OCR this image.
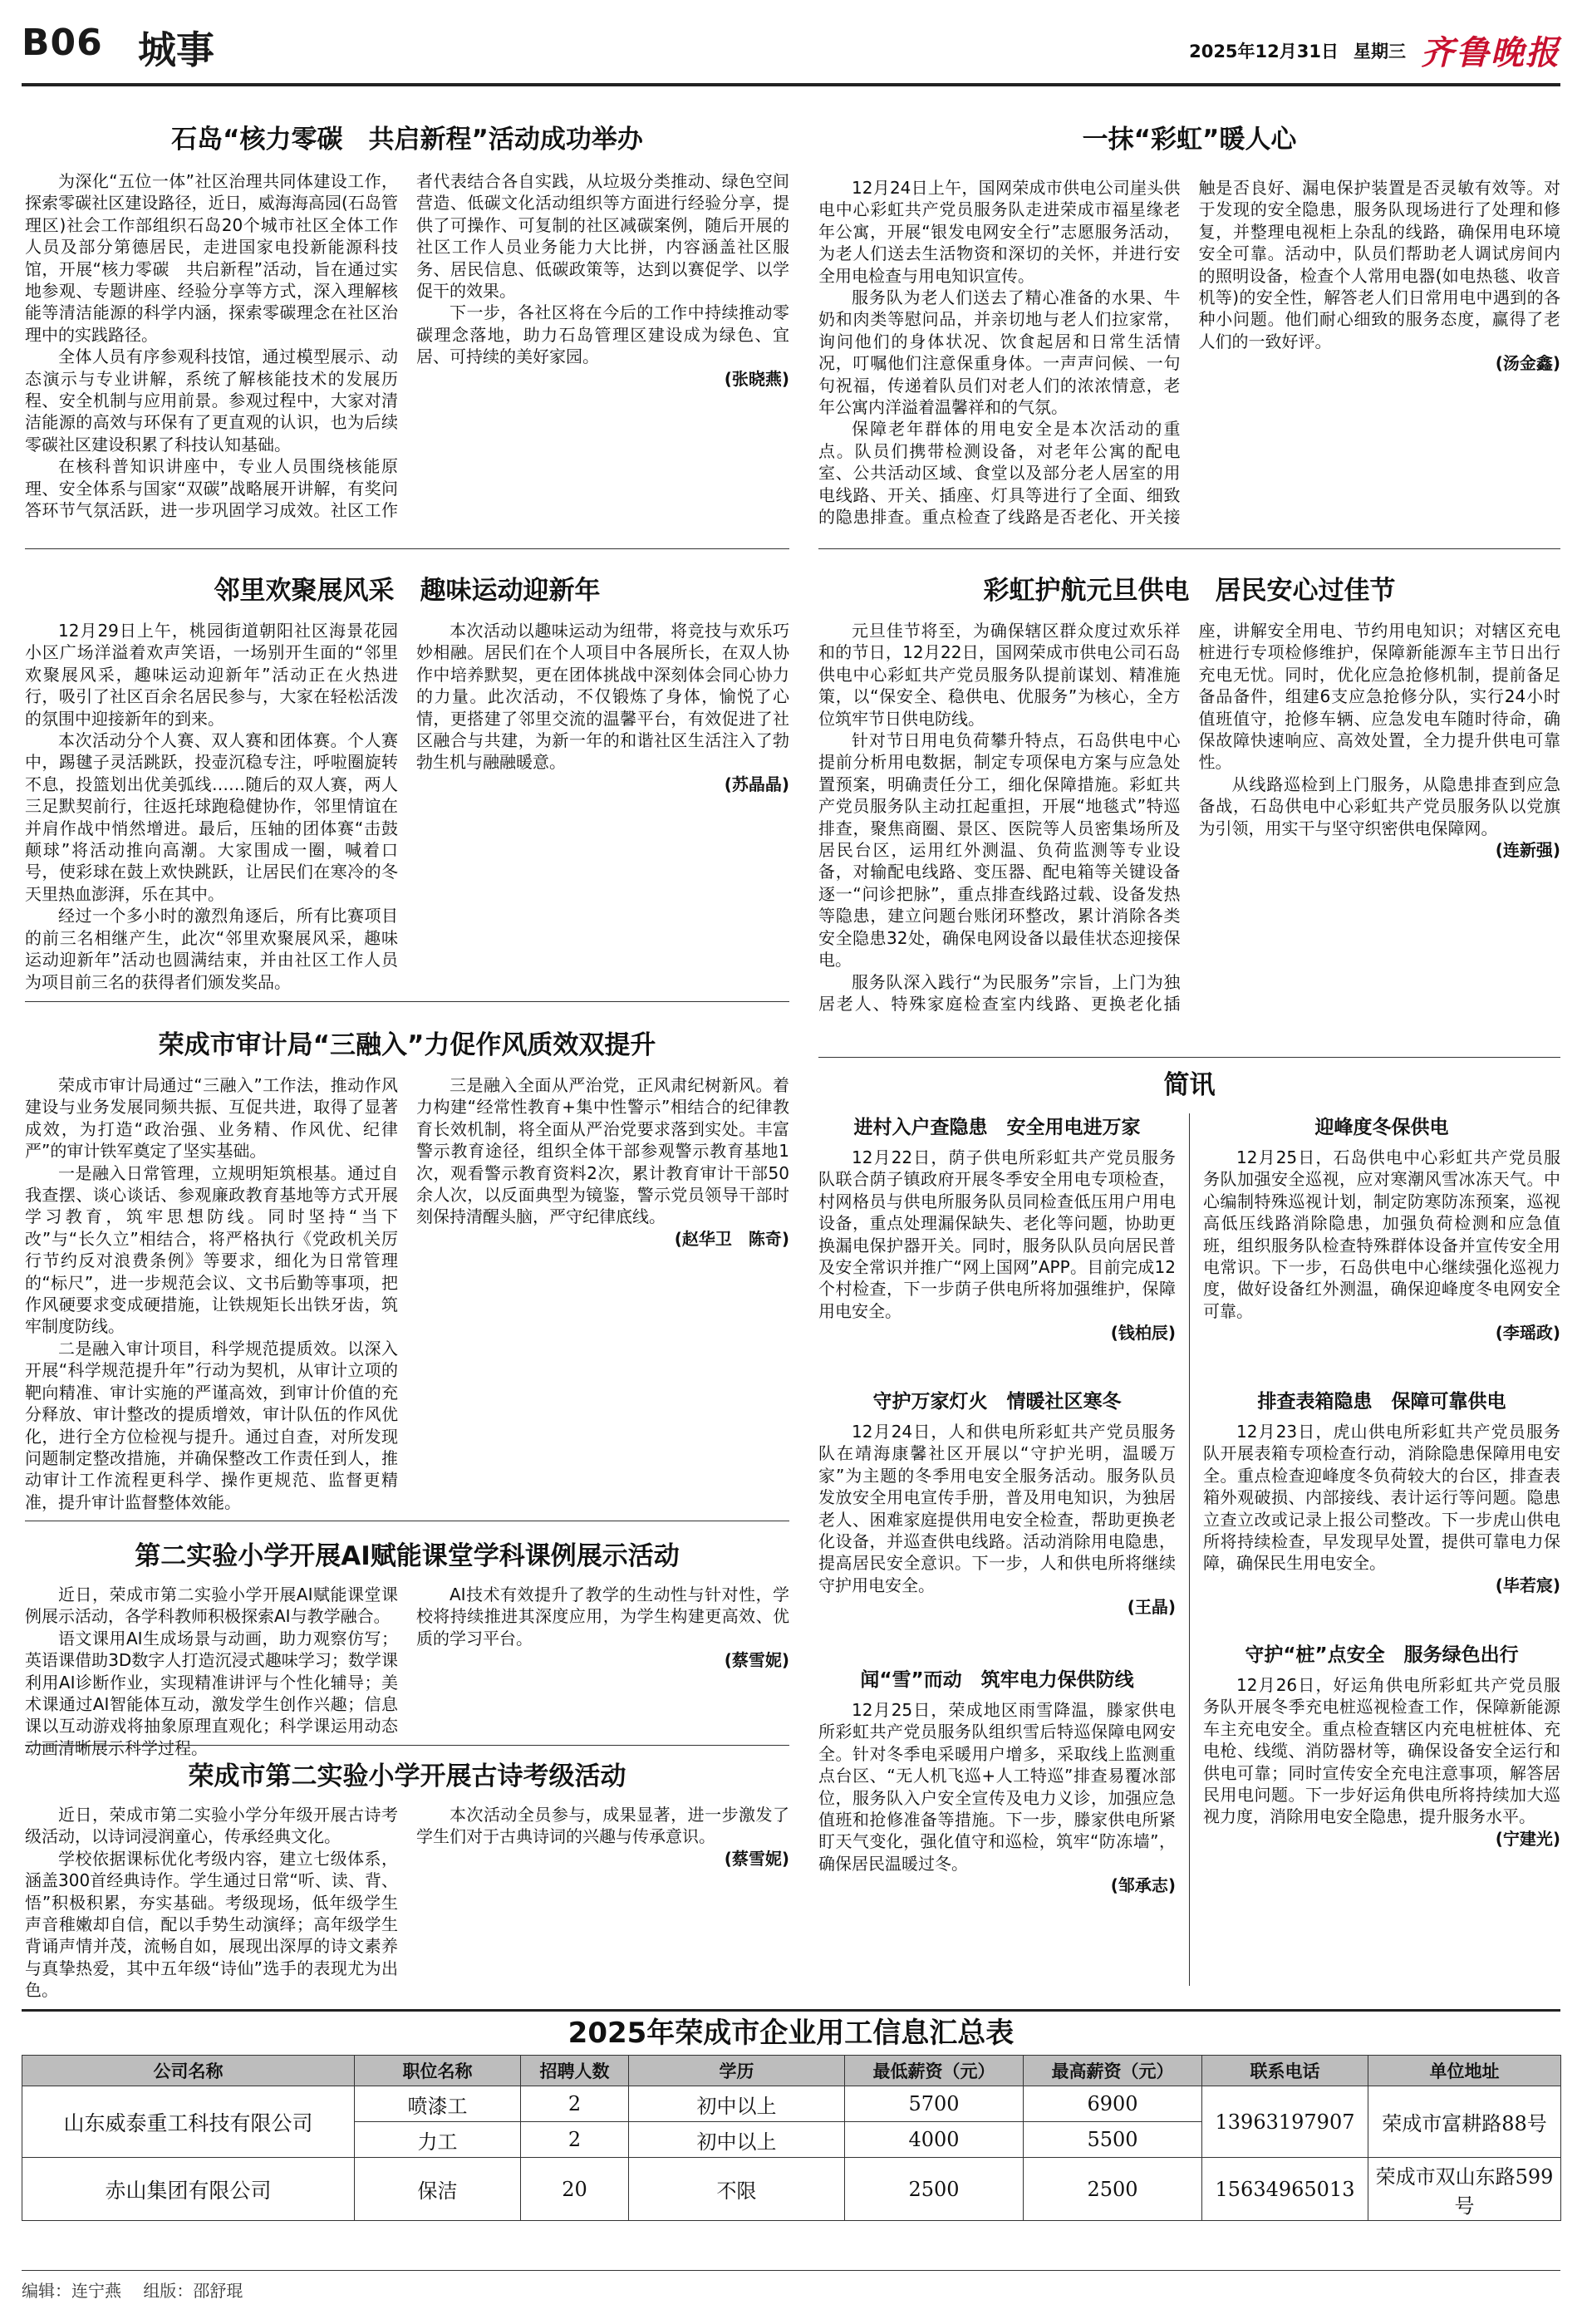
B06 城事	2025年12月31日 星期三 齐鲁晚报
石岛“核力零碳　共启新程”活动成功举办

为深化“五位一体”社区治理共同体建设工作，探索零碳社区建设路径，近日，威海海高园(石岛管理区)社会工作部组织石岛20个城市社区全体工作人员及部分第德居民，走进国家电投新能源科技馆，开展“核力零碳　共启新程”活动，旨在通过实地参观、专题讲座、经验分享等方式，深入理解核能等清洁能源的科学内涵，探索零碳理念在社区治理中的实践路径。

全体人员有序参观科技馆，通过模型展示、动态演示与专业讲解，系统了解核能技术的发展历程、安全机制与应用前景。参观过程中，大家对清洁能源的高效与环保有了更直观的认识，也为后续零碳社区建设积累了科技认知基础。

在核科普知识讲座中，专业人员围绕核能原理、安全体系与国家“双碳”战略展开讲解，有奖问答环节气氛活跃，进一步巩固学习成效。社区工作者代表结合各自实践，从垃圾分类推动、绿色空间营造、低碳文化活动组织等方面进行经验分享，提供了可操作、可复制的社区减碳案例，随后开展的社区工作人员业务能力大比拼，内容涵盖社区服务、居民信息、低碳政策等，达到以赛促学、以学促干的效果。

下一步，各社区将在今后的工作中持续推动零碳理念落地，助力石岛管理区建设成为绿色、宜居、可持续的美好家园。

(张晓燕)
一抹“彩虹”暖人心

12月24日上午，国网荣成市供电公司崖头供电中心彩虹共产党员服务队走进荣成市福星缘老年公寓，开展“银发电网安全行”志愿服务活动，为老人们送去生活物资和深切的关怀，并进行安全用电检查与用电知识宣传。

服务队为老人们送去了精心准备的水果、牛奶和肉类等慰问品，并亲切地与老人们拉家常，询问他们的身体状况、饮食起居和日常生活情况，叮嘱他们注意保重身体。一声声问候、一句句祝福，传递着队员们对老人们的浓浓情意，老年公寓内洋溢着温馨祥和的气氛。

保障老年群体的用电安全是本次活动的重点。队员们携带检测设备，对老年公寓的配电室、公共活动区域、食堂以及部分老人居室的用电线路、开关、插座、灯具等进行了全面、细致的隐患排查。重点检查了线路是否老化、开关接触是否良好、漏电保护装置是否灵敏有效等。对于发现的安全隐患，服务队现场进行了处理和修复，并整理电视柜上杂乱的线路，确保用电环境安全可靠。活动中，队员们帮助老人调试房间内的照明设备，检查个人常用电器(如电热毯、收音机等)的安全性，解答老人们日常用电中遇到的各种小问题。他们耐心细致的服务态度，赢得了老人们的一致好评。

(汤金鑫)
邻里欢聚展风采　趣味运动迎新年

12月29日上午，桃园街道朝阳社区海景花园小区广场洋溢着欢声笑语，一场别开生面的“邻里欢聚展风采，趣味运动迎新年”活动正在火热进行，吸引了社区百余名居民参与，大家在轻松活泼的氛围中迎接新年的到来。

本次活动分个人赛、双人赛和团体赛。个人赛中，踢毽子灵活跳跃，投壶沉稳专注，呼啦圈旋转不息，投篮划出优美弧线……随后的双人赛，两人三足默契前行，往返托球跑稳健协作，邻里情谊在并肩作战中悄然增进。最后，压轴的团体赛“击鼓颠球”将活动推向高潮。大家围成一圈，喊着口号，使彩球在鼓上欢快跳跃，让居民们在寒冷的冬天里热血澎湃，乐在其中。

经过一个多小时的激烈角逐后，所有比赛项目的前三名相继产生，此次“邻里欢聚展风采，趣味运动迎新年”活动也圆满结束，并由社区工作人员为项目前三名的获得者们颁发奖品。

本次活动以趣味运动为纽带，将竞技与欢乐巧妙相融。居民们在个人项目中各展所长，在双人协作中培养默契，更在团体挑战中深刻体会同心协力的力量。此次活动，不仅锻炼了身体，愉悦了心情，更搭建了邻里交流的温馨平台，有效促进了社区融合与共建，为新一年的和谐社区生活注入了勃勃生机与融融暖意。

(苏晶晶)
彩虹护航元旦供电　居民安心过佳节

元旦佳节将至，为确保辖区群众度过欢乐祥和的节日，12月22日，国网荣成市供电公司石岛供电中心彩虹共产党员服务队提前谋划、精准施策，以“保安全、稳供电、优服务”为核心，全方位筑牢节日供电防线。

针对节日用电负荷攀升特点，石岛供电中心提前分析用电数据，制定专项保电方案与应急处置预案，明确责任分工，细化保障措施。彩虹共产党员服务队主动扛起重担，开展“地毯式”特巡排查，聚焦商圈、景区、医院等人员密集场所及居民台区，运用红外测温、负荷监测等专业设备，对输配电线路、变压器、配电箱等关键设备逐一“问诊把脉”，重点排查线路过载、设备发热等隐患，建立问题台账闭环整改，累计消除各类安全隐患32处，确保电网设备以最佳状态迎接保电。

服务队深入践行“为民服务”宗旨，上门为独居老人、特殊家庭检查室内线路、更换老化插座，讲解安全用电、节约用电知识；对辖区充电桩进行专项检修维护，保障新能源车主节日出行充电无忧。同时，优化应急抢修机制，提前备足备品备件，组建6支应急抢修分队，实行24小时值班值守，抢修车辆、应急发电车随时待命，确保故障快速响应、高效处置，全力提升供电可靠性。

从线路巡检到上门服务，从隐患排查到应急备战，石岛供电中心彩虹共产党员服务队以党旗为引领，用实干与坚守织密供电保障网。

(连新强)
荣成市审计局“三融入”力促作风质效双提升

荣成市审计局通过“三融入”工作法，推动作风建设与业务发展同频共振、互促共进，取得了显著成效，为打造“政治强、业务精、作风优、纪律严”的审计铁军奠定了坚实基础。

一是融入日常管理，立规明矩筑根基。通过自我查摆、谈心谈话、参观廉政教育基地等方式开展学习教育，筑牢思想防线。同时坚持“当下改”与“长久立”相结合，将严格执行《党政机关厉行节约反对浪费条例》等要求，细化为日常管理的“标尺”，进一步规范会议、文书后勤等事项，把作风硬要求变成硬措施，让铁规矩长出铁牙齿，筑牢制度防线。

二是融入审计项目，科学规范提质效。以深入开展“科学规范提升年”行动为契机，从审计立项的靶向精准、审计实施的严谨高效，到审计价值的充分释放、审计整改的提质增效，审计队伍的作风优化，进行全方位检视与提升。通过自查，对所发现问题制定整改措施，并确保整改工作责任到人，推动审计工作流程更科学、操作更规范、监督更精准，提升审计监督整体效能。

三是融入全面从严治党，正风肃纪树新风。着力构建“经常性教育+集中性警示”相结合的纪律教育长效机制，将全面从严治党要求落到实处。丰富警示教育途径，组织全体干部参观警示教育基地1次，观看警示教育资料2次，累计教育审计干部50余人次，以反面典型为镜鉴，警示党员领导干部时刻保持清醒头脑，严守纪律底线。

(赵华卫　陈奇)
第二实验小学开展AI赋能课堂学科课例展示活动

近日，荣成市第二实验小学开展AI赋能课堂课例展示活动，各学科教师积极探索AI与教学融合。

语文课用AI生成场景与动画，助力观察仿写；英语课借助3D数字人打造沉浸式趣味学习；数学课利用AI诊断作业，实现精准讲评与个性化辅导；美术课通过AI智能体互动，激发学生创作兴趣；信息课以互动游戏将抽象原理直观化；科学课运用动态动画清晰展示科学过程。

AI技术有效提升了教学的生动性与针对性，学校将持续推进其深度应用，为学生构建更高效、优质的学习平台。

(蔡雪妮)
荣成市第二实验小学开展古诗考级活动

近日，荣成市第二实验小学分年级开展古诗考级活动，以诗词浸润童心，传承经典文化。

学校依据课标优化考级内容，建立七级体系，涵盖300首经典诗作。学生通过日常“听、读、背、悟”积极积累，夯实基础。考级现场，低年级学生声音稚嫩却自信，配以手势生动演绎；高年级学生背诵声情并茂，流畅自如，展现出深厚的诗文素养与真挚热爱，其中五年级“诗仙”选手的表现尤为出色。

本次活动全员参与，成果显著，进一步激发了学生们对于古典诗词的兴趣与传承意识。

(蔡雪妮)
简讯
进村入户查隐患　安全用电进万家

12月22日，荫子供电所彩虹共产党员服务队联合荫子镇政府开展冬季安全用电专项检查，村网格员与供电所服务队员同检查低压用户用电设备，重点处理漏保缺失、老化等问题，协助更换漏电保护器开关。同时，服务队队员向居民普及安全常识并推广“网上国网”APP。目前完成12个村检查，下一步荫子供电所将加强维护，保障用电安全。

(钱柏辰)
迎峰度冬保供电

12月25日，石岛供电中心彩虹共产党员服务队加强安全巡视，应对寒潮风雪冰冻天气。中心编制特殊巡视计划，制定防寒防冻预案，巡视高低压线路消除隐患，加强负荷检测和应急值班，组织服务队检查特殊群体设备并宣传安全用电常识。下一步，石岛供电中心继续强化巡视力度，做好设备红外测温，确保迎峰度冬电网安全可靠。

(李瑶政)
守护万家灯火　情暖社区寒冬

12月24日，人和供电所彩虹共产党员服务队在靖海康馨社区开展以“守护光明，温暖万家”为主题的冬季用电安全服务活动。服务队员发放安全用电宣传手册，普及用电知识，为独居老人、困难家庭提供用电安全检查，帮助更换老化设备，并巡查供电线路。活动消除用电隐患，提高居民安全意识。下一步，人和供电所将继续守护用电安全。

(王晶)
排查表箱隐患　保障可靠供电

12月23日，虎山供电所彩虹共产党员服务队开展表箱专项检查行动，消除隐患保障用电安全。重点检查迎峰度冬负荷较大的台区，排查表箱外观破损、内部接线、表计运行等问题。隐患立查立改或记录上报公司整改。下一步虎山供电所将持续检查，早发现早处置，提供可靠电力保障，确保民生用电安全。

(毕若宸)
闻“雪”而动　筑牢电力保供防线

12月25日，荣成地区雨雪降温，滕家供电所彩虹共产党员服务队组织雪后特巡保障电网安全。针对冬季电采暖用户增多，采取线上监测重点台区、“无人机飞巡+人工特巡”排查易覆冰部位，服务队入户安全宣传及电力义诊，加强应急值班和抢修准备等措施。下一步，滕家供电所紧盯天气变化，强化值守和巡检，筑牢“防冻墙”，确保居民温暖过冬。

(邹承志)
守护“桩”点安全　服务绿色出行

12月26日，好运角供电所彩虹共产党员服务队开展冬季充电桩巡视检查工作，保障新能源车主充电安全。重点检查辖区内充电桩桩体、充电枪、线缆、消防器材等，确保设备安全运行和供电可靠；同时宣传安全充电注意事项，解答居民用电问题。下一步好运角供电所将持续加大巡视力度，消除用电安全隐患，提升服务水平。

(宁建光)
2025年荣成市企业用工信息汇总表
公司名称	职位名称	招聘人数	学历	最低薪资（元）	最高薪资（元）	联系电话	单位地址
山东威泰重工科技有限公司	喷漆工	2	初中以上	5700	6900	13963197907	荣成市富耕路88号
	力工	2	初中以上	4000	5500		
赤山集团有限公司	保洁	20	不限	2500	2500	15634965013	荣成市双山东路599号
编辑：连宁燕 组版：邵舒琨
